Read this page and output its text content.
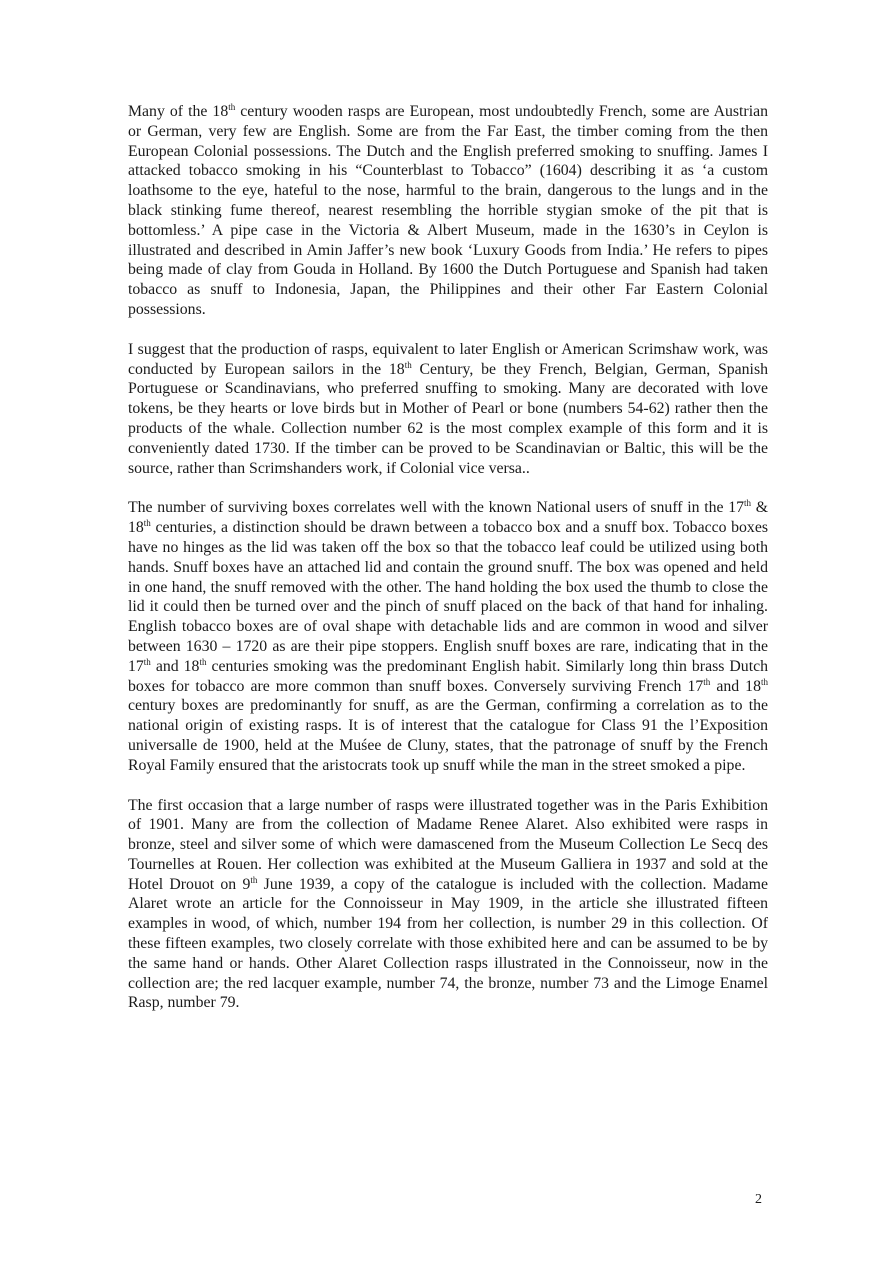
Many of the 18th century wooden rasps are European, most undoubtedly French, some are Austrian or German, very few are English. Some are from the Far East, the timber coming from the then European Colonial possessions. The Dutch and the English preferred smoking to snuffing. James I attacked tobacco smoking in his “Counterblast to Tobacco” (1604) describing it as ‘a custom loathsome to the eye, hateful to the nose, harmful to the brain, dangerous to the lungs and in the black stinking fume thereof, nearest resembling the horrible stygian smoke of the pit that is bottomless.’ A pipe case in the Victoria & Albert Museum, made in the 1630’s in Ceylon is illustrated and described in Amin Jaffer’s new book ‘Luxury Goods from India.’ He refers to pipes being made of clay from Gouda in Holland. By 1600 the Dutch Portuguese and Spanish had taken tobacco as snuff to Indonesia, Japan, the Philippines and their other Far Eastern Colonial possessions.

I suggest that the production of rasps, equivalent to later English or American Scrimshaw work, was conducted by European sailors in the 18th Century, be they French, Belgian, German, Spanish Portuguese or Scandinavians, who preferred snuffing to smoking. Many are decorated with love tokens, be they hearts or love birds but in Mother of Pearl or bone (numbers 54-62) rather then the products of the whale. Collection number 62 is the most complex example of this form and it is conveniently dated 1730. If the timber can be proved to be Scandinavian or Baltic, this will be the source, rather than Scrimshanders work, if Colonial vice versa..

The number of surviving boxes correlates well with the known National users of snuff in the 17th & 18th centuries, a distinction should be drawn between a tobacco box and a snuff box. Tobacco boxes have no hinges as the lid was taken off the box so that the tobacco leaf could be utilized using both hands. Snuff boxes have an attached lid and contain the ground snuff. The box was opened and held in one hand, the snuff removed with the other. The hand holding the box used the thumb to close the lid it could then be turned over and the pinch of snuff placed on the back of that hand for inhaling. English tobacco boxes are of oval shape with detachable lids and are common in wood and silver between 1630 – 1720 as are their pipe stoppers. English snuff boxes are rare, indicating that in the 17th and 18th centuries smoking was the predominant English habit. Similarly long thin brass Dutch boxes for tobacco are more common than snuff boxes. Conversely surviving French 17th and 18th century boxes are predominantly for snuff, as are the German, confirming a correlation as to the national origin of existing rasps. It is of interest that the catalogue for Class 91 the l’Exposition universalle de 1900, held at the Muśee de Cluny, states, that the patronage of snuff by the French Royal Family ensured that the aristocrats took up snuff while the man in the street smoked a pipe.

The first occasion that a large number of rasps were illustrated together was in the Paris Exhibition of 1901. Many are from the collection of Madame Renee Alaret. Also exhibited were rasps in bronze, steel and silver some of which were damascened from the Museum Collection Le Secq des Tournelles at Rouen. Her collection was exhibited at the Museum Galliera in 1937 and sold at the Hotel Drouot on 9th June 1939, a copy of the catalogue is included with the collection. Madame Alaret wrote an article for the Connoisseur in May 1909, in the article she illustrated fifteen examples in wood, of which, number 194 from her collection, is number 29 in this collection. Of these fifteen examples, two closely correlate with those exhibited here and can be assumed to be by the same hand or hands. Other Alaret Collection rasps illustrated in the Connoisseur, now in the collection are; the red lacquer example, number 74, the bronze, number 73 and the Limoge Enamel Rasp, number 79.

2
